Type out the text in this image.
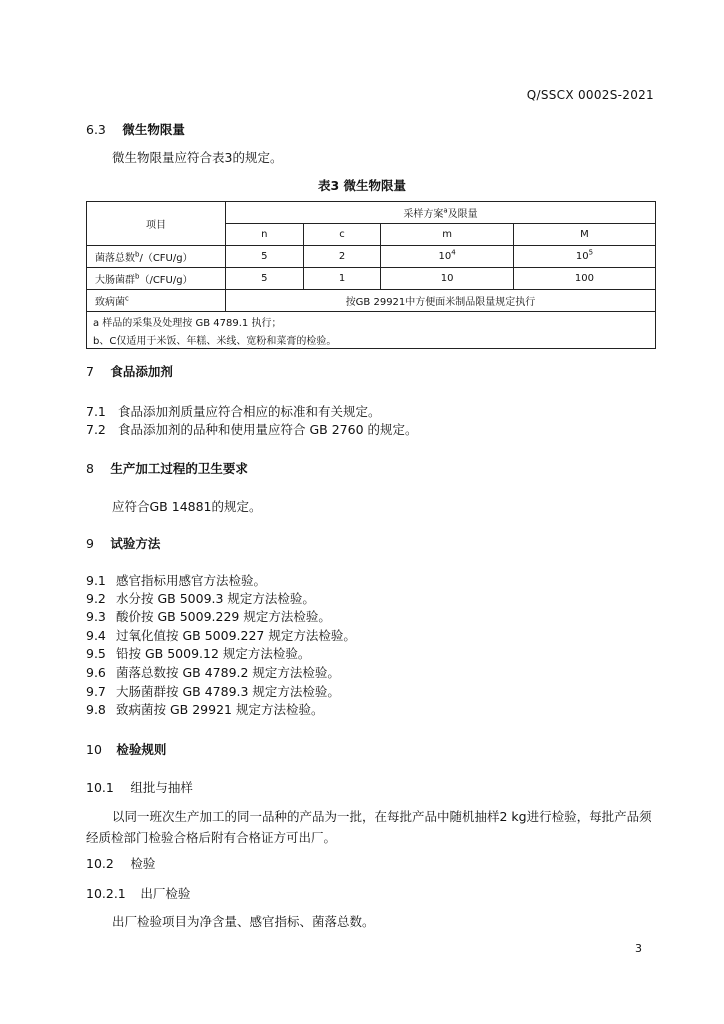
Q/SSCX 0002S-2021
6.3 微生物限量
微生物限量应符合表3的规定。
表3 微生物限量
项目	采样方案$^a$及限量			
	n	c	m	M
菌落总数$^b$/（CFU/g）	5	2	$10^4$	$10^5$
大肠菌群$^b$（/CFU/g）	5	1	10	100
致病菌$^c$	按GB 29921中方便面米制品限量规定执行			
a 样品的采集及处理按 GB 4789.1 执行；				
b、C仅适用于米饭、年糕、米线、宽粉和菜膏的检验。				
7 食品添加剂
7.1 食品添加剂质量应符合相应的标准和有关规定。
7.2 食品添加剂的品种和使用量应符合 GB 2760 的规定。
8 生产加工过程的卫生要求
应符合GB 14881的规定。
9 试验方法
9.1 感官指标用感官方法检验。
9.2 水分按 GB 5009.3 规定方法检验。
9.3 酸价按 GB 5009.229 规定方法检验。
9.4 过氧化值按 GB 5009.227 规定方法检验。
9.5 铅按 GB 5009.12 规定方法检验。
9.6 菌落总数按 GB 4789.2 规定方法检验。
9.7 大肠菌群按 GB 4789.3 规定方法检验。
9.8 致病菌按 GB 29921 规定方法检验。
10 检验规则
10.1 组批与抽样
以同一班次生产加工的同一品种的产品为一批，在每批产品中随机抽样2 kg进行检验，每批产品须
经质检部门检验合格后附有合格证方可出厂。
10.2 检验
10.2.1 出厂检验
出厂检验项目为净含量、感官指标、菌落总数。
3
